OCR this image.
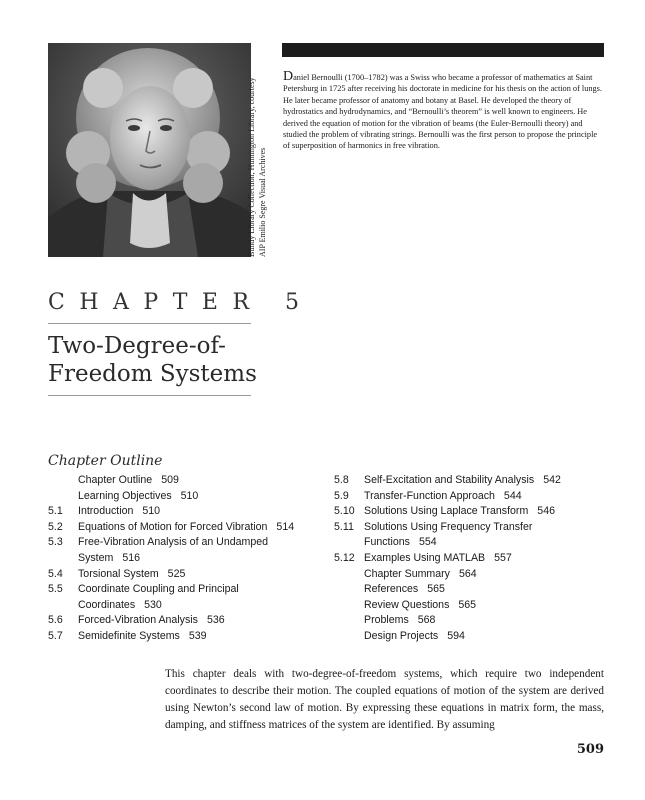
Bundy Library Collection, Huntington Library, courtesy AIP Emilio Segre Visual Archives
Daniel Bernoulli (1700–1782) was a Swiss who became a professor of mathematics at Saint Petersburg in 1725 after receiving his doctorate in medicine for his thesis on the action of lungs. He later became professor of anatomy and botany at Basel. He developed the theory of hydrostatics and hydrodynamics, and “Bernoulli’s theorem” is well known to engineers. He derived the equation of motion for the vibration of beams (the Euler-Bernoulli theory) and studied the problem of vibrating strings. Bernoulli was the first person to propose the principle of superposition of harmonics in free vibration.
CHAPTER 5
Two-Degree-of-
Freedom Systems
Chapter Outline
Chapter Outline 509
Learning Objectives 510
5.1 Introduction 510
5.2 Equations of Motion for Forced Vibration 514
5.3 Free-Vibration Analysis of an Undamped
System 516
5.4 Torsional System 525
5.5 Coordinate Coupling and Principal
Coordinates 530
5.6 Forced-Vibration Analysis 536
5.7 Semidefinite Systems 539
5.8 Self-Excitation and Stability Analysis 542
5.9 Transfer-Function Approach 544
5.10 Solutions Using Laplace Transform 546
5.11 Solutions Using Frequency Transfer
Functions 554
5.12 Examples Using MATLAB 557
Chapter Summary 564
References 565
Review Questions 565
Problems 568
Design Projects 594
This chapter deals with two-degree-of-freedom systems, which require two independent coordinates to describe their motion. The coupled equations of motion of the system are derived using Newton’s second law of motion. By expressing these equations in matrix form, the mass, damping, and stiffness matrices of the system are identified. By assuming
509
